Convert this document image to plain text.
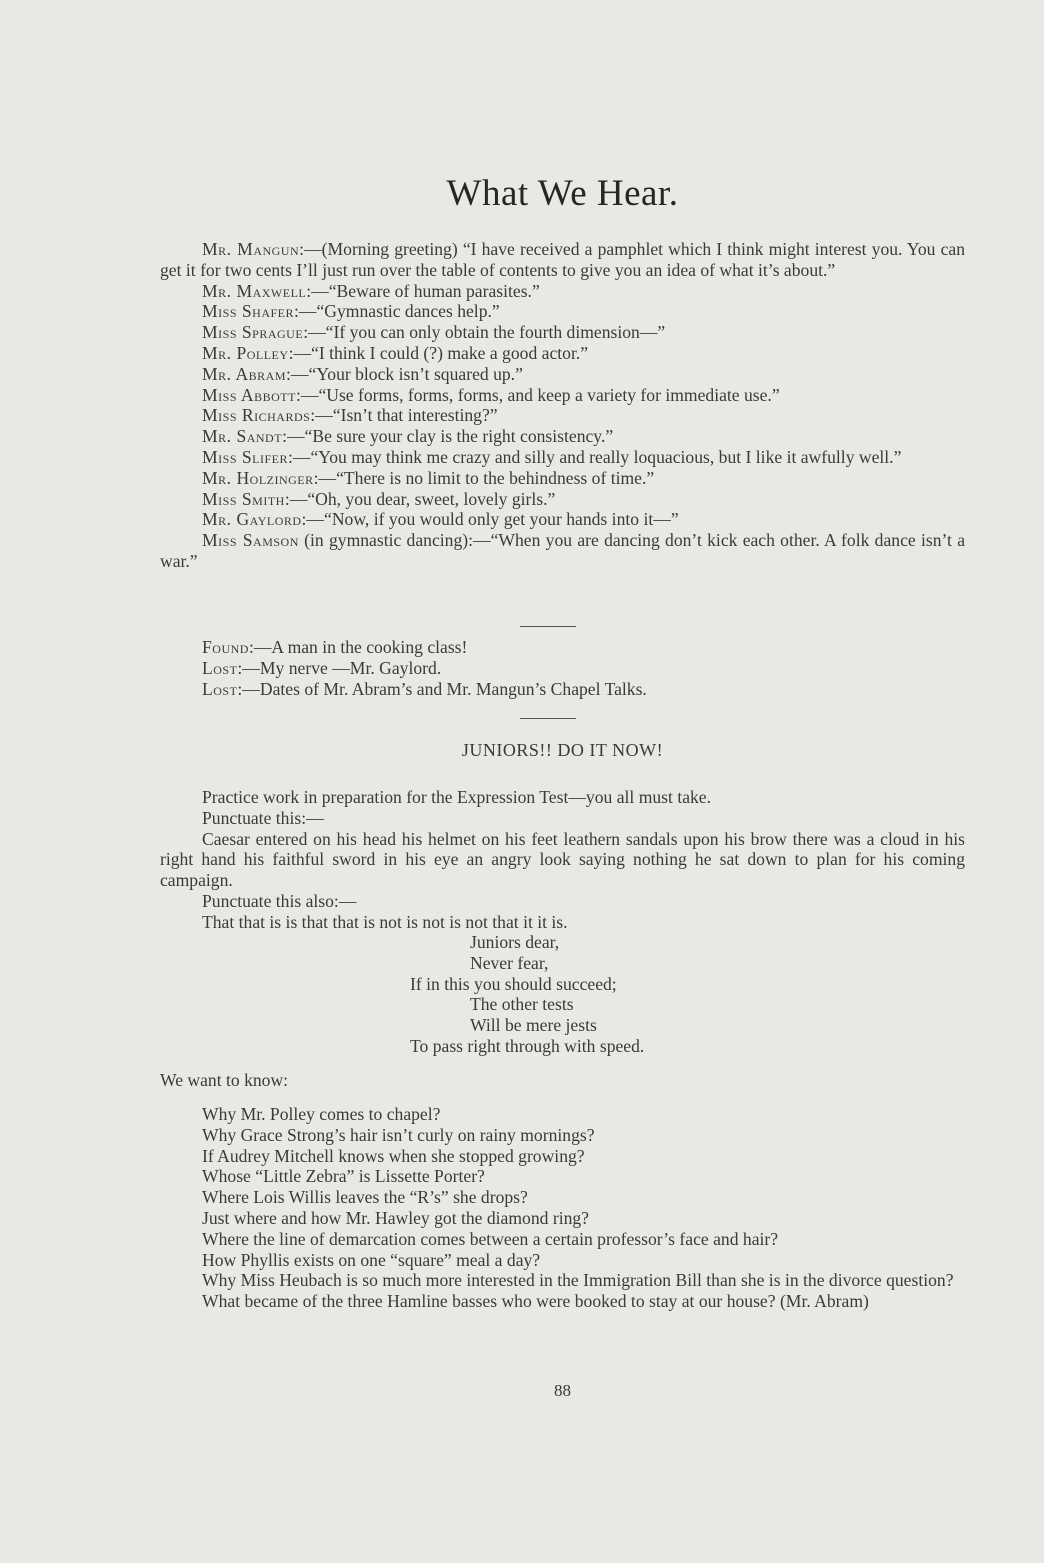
What We Hear.

Mr. Mangun:—(Morning greeting) “I have received a pamphlet which I think might interest you. You can get it for two cents I’ll just run over the table of contents to give you an idea of what it’s about.”

Mr. Maxwell:—“Beware of human parasites.”

Miss Shafer:—“Gymnastic dances help.”

Miss Sprague:—“If you can only obtain the fourth dimension—”

Mr. Polley:—“I think I could (?) make a good actor.”

Mr. Abram:—“Your block isn’t squared up.”

Miss Abbott:—“Use forms, forms, forms, and keep a variety for immediate use.”

Miss Richards:—“Isn’t that interesting?”

Mr. Sandt:—“Be sure your clay is the right consistency.”

Miss Slifer:—“You may think me crazy and silly and really loquacious, but I like it awfully well.”

Mr. Holzinger:—“There is no limit to the behindness of time.”

Miss Smith:—“Oh, you dear, sweet, lovely girls.”

Mr. Gaylord:—“Now, if you would only get your hands into it—”

Miss Samson (in gymnastic dancing):—“When you are dancing don’t kick each other. A folk dance isn’t a war.”

Found:—A man in the cooking class!

Lost:—My nerve —Mr. Gaylord.

Lost:—Dates of Mr. Abram’s and Mr. Mangun’s Chapel Talks.

JUNIORS!! DO IT NOW!

Practice work in preparation for the Expression Test—you all must take.

Punctuate this:—

Caesar entered on his head his helmet on his feet leathern sandals upon his brow there was a cloud in his right hand his faithful sword in his eye an angry look saying nothing he sat down to plan for his coming campaign.

Punctuate this also:—

That that is is that that is not is not is not that it it is.

Juniors dear,
Never fear,
If in this you should succeed;
The other tests
Will be mere jests
To pass right through with speed.

We want to know:

Why Mr. Polley comes to chapel?

Why Grace Strong’s hair isn’t curly on rainy mornings?

If Audrey Mitchell knows when she stopped growing?

Whose “Little Zebra” is Lissette Porter?

Where Lois Willis leaves the “R’s” she drops?

Just where and how Mr. Hawley got the diamond ring?

Where the line of demarcation comes between a certain professor’s face and hair?

How Phyllis exists on one “square” meal a day?

Why Miss Heubach is so much more interested in the Immigration Bill than she is in the divorce question?

What became of the three Hamline basses who were booked to stay at our house? (Mr. Abram)

88
